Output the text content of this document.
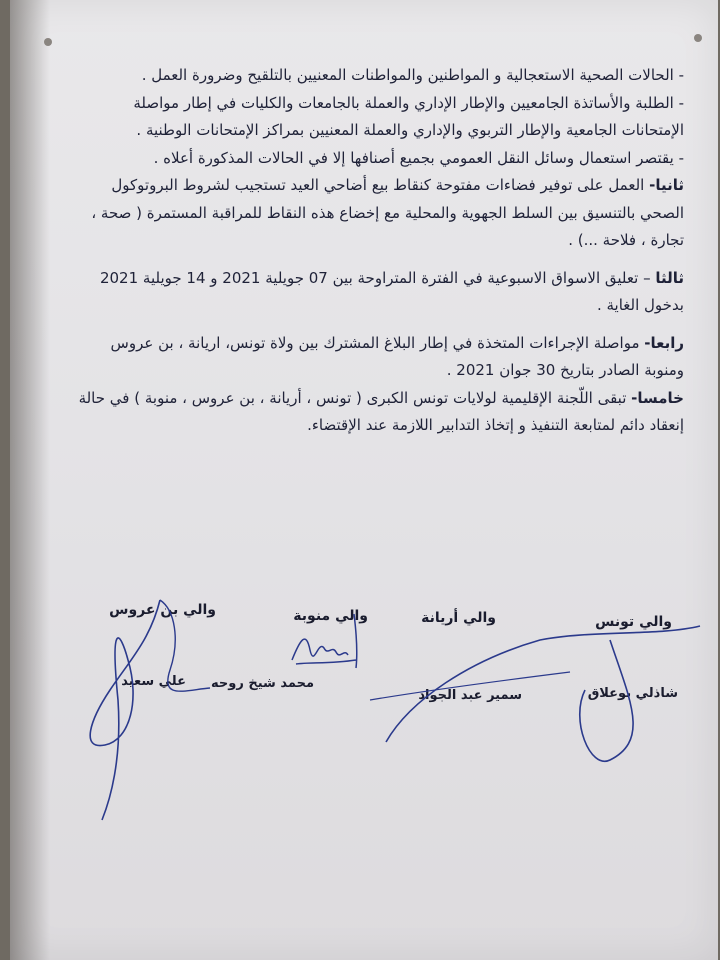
- الحالات الصحية الاستعجالية و المواطنين والمواطنات المعنيين بالتلقيح وضرورة العمل .

- الطلبة والأساتذة الجامعيين والإطار الإداري والعملة بالجامعات والكليات في إطار مواصلة الإمتحانات الجامعية والإطار التربوي والإداري والعملة المعنيين بمراكز الإمتحانات الوطنية .

- يقتصر استعمال وسائل النقل العمومي بجميع أصنافها إلا في الحالات المذكورة أعلاه .

ثانيا- العمل على توفير فضاءات مفتوحة كنقاط بيع أضاحي العيد تستجيب لشروط البروتوكول الصحي بالتنسيق بين السلط الجهوية والمحلية مع إخضاع هذه النقاط للمراقبة المستمرة ( صحة ، تجارة ، فلاحة ...) .

ثالثا – تعليق الاسواق الاسبوعية في الفترة المتراوحة بين 07 جويلية 2021 و 14 جويلية 2021 بدخول الغاية .

رابعا- مواصلة الإجراءات المتخذة في إطار البلاغ المشترك بين ولاة تونس، اريانة ، بن عروس ومنوبة الصادر بتاريخ 30 جوان 2021 .

خامسا- تبقى اللّجنة الإقليمية لولايات تونس الكبرى ( تونس ، أريانة ، بن عروس ، منوبة ) في حالة إنعقاد دائم لمتابعة التنفيذ و إتخاذ التدابير اللازمة عند الإقتضاء.

والي تونس
والي أريانة
والي منوبة
والي بن عروس
شاذلي بوعلاق
سمير عبد الجواد
محمد شيخ روحه
علي سعيد
